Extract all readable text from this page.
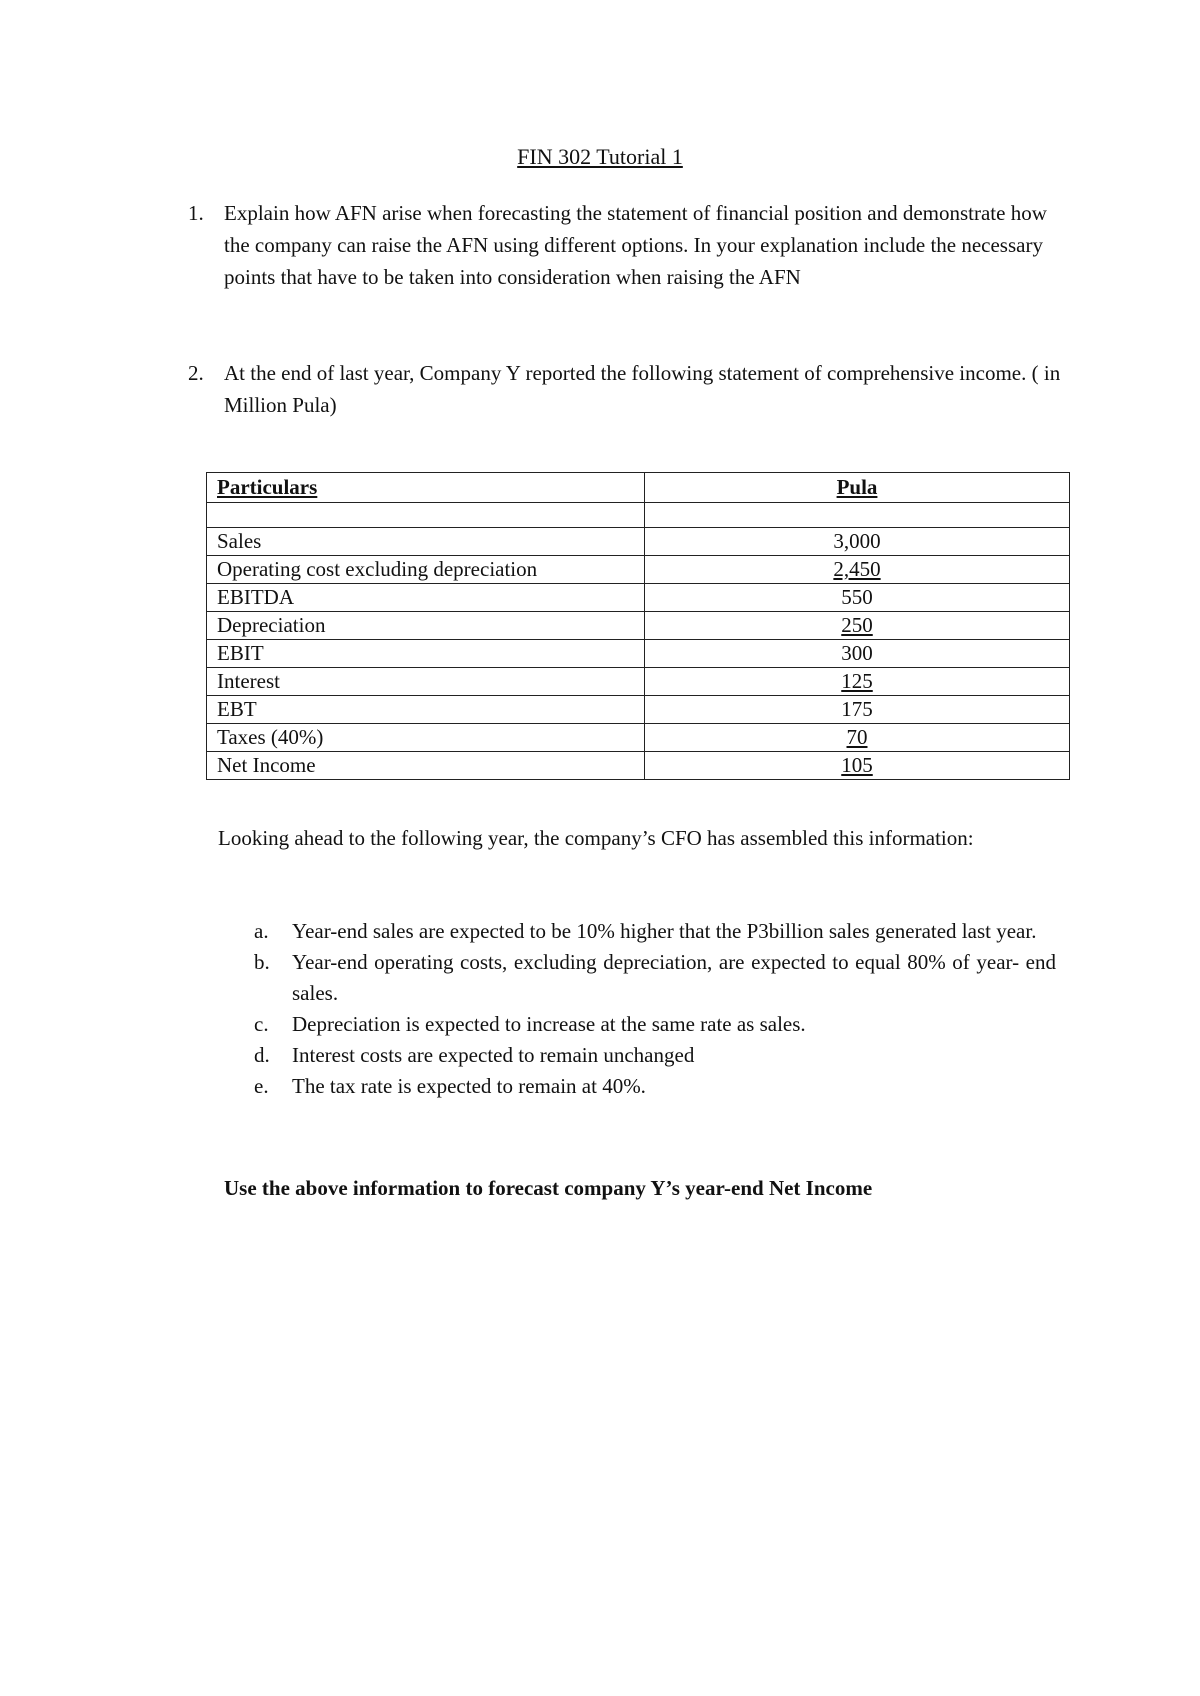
FIN 302 Tutorial 1
1. Explain how AFN arise when forecasting the statement of financial position and demonstrate how the company can raise the AFN using different options. In your explanation include the necessary points that have to be taken into consideration when raising the AFN
2. At the end of last year, Company Y reported the following statement of comprehensive income. ( in Million Pula)
Particulars	Pula

Sales	3,000
Operating cost excluding depreciation	2,450
EBITDA	550
Depreciation	250
EBIT	300
Interest	125
EBT	175
Taxes (40%)	70
Net Income	105
Looking ahead to the following year, the company’s CFO has assembled this information:
a. Year-end sales are expected to be 10% higher that the P3billion sales generated last year.
b. Year-end operating costs, excluding depreciation, are expected to equal 80% of year- end sales.
c. Depreciation is expected to increase at the same rate as sales.
d. Interest costs are expected to remain unchanged
e. The tax rate is expected to remain at 40%.
Use the above information to forecast company Y’s year-end Net Income
